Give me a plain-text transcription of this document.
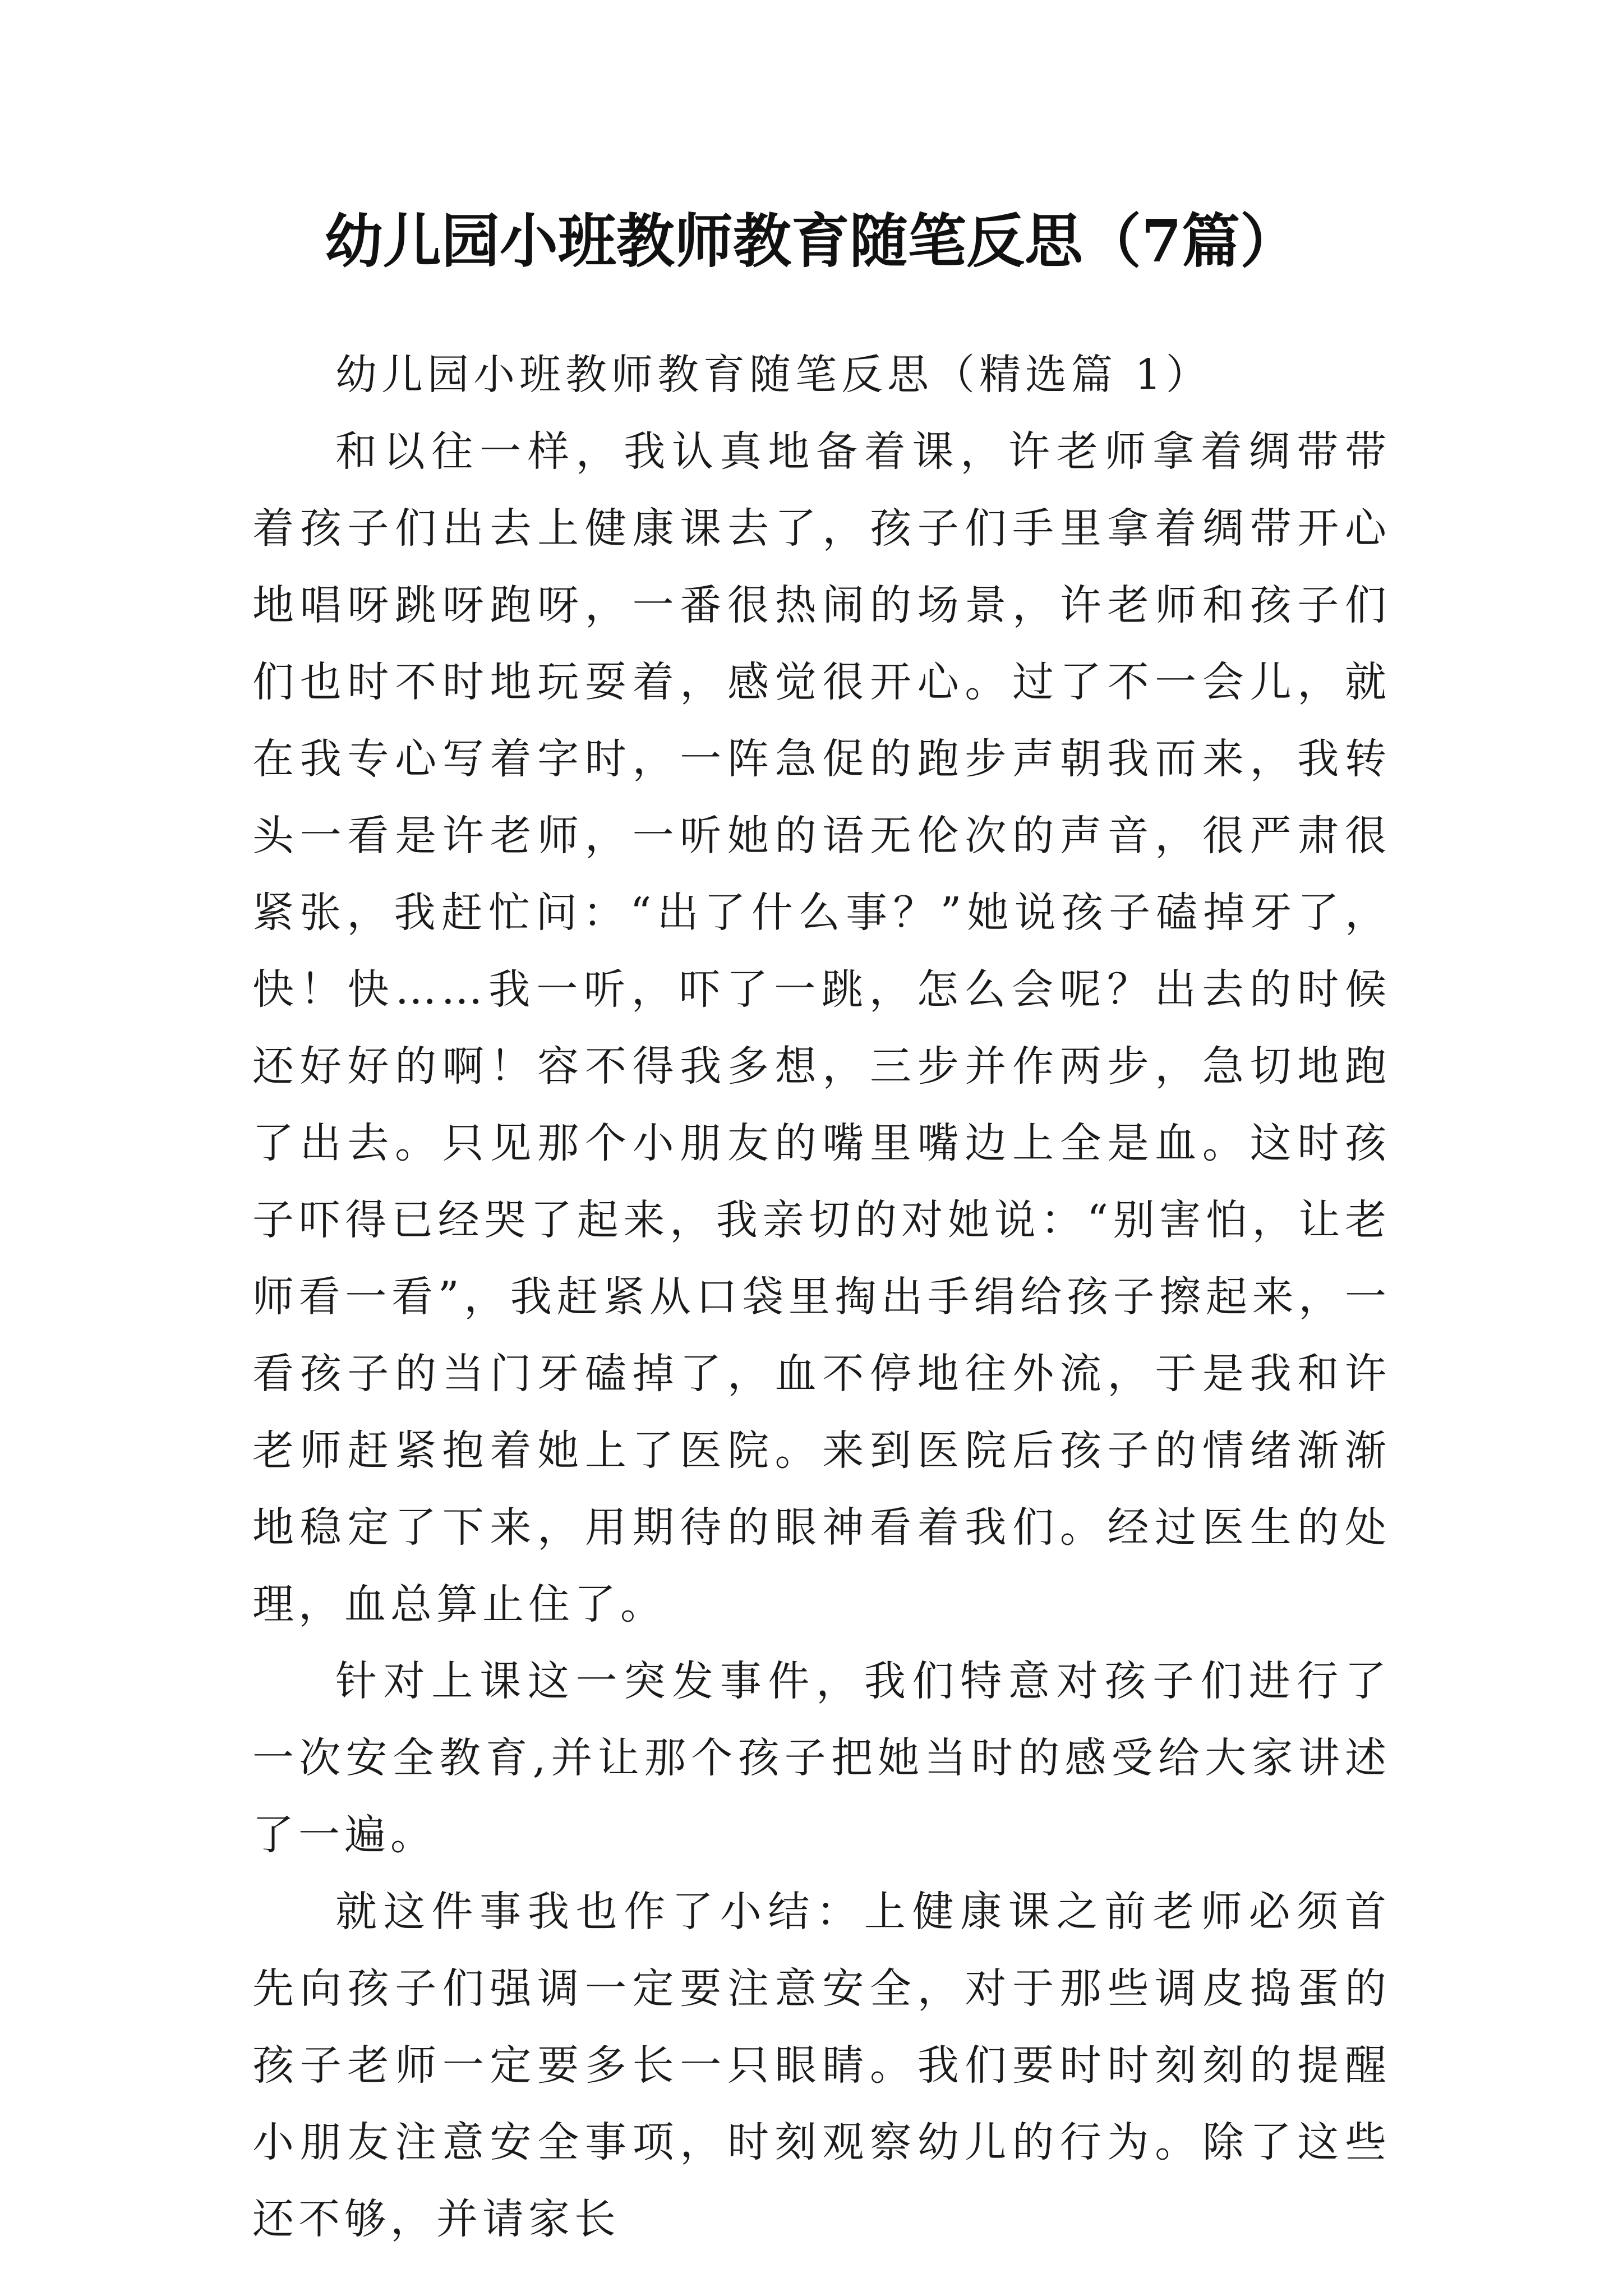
幼儿园小班教师教育随笔反思（7篇）

幼儿园小班教师教育随笔反思（精选篇 1）

和以往一样，我认真地备着课，许老师拿着绸带带着孩子们出去上健康课去了，孩子们手里拿着绸带开心地唱呀跳呀跑呀，一番很热闹的场景，许老师和孩子们们也时不时地玩耍着，感觉很开心。过了不一会儿，就在我专心写着字时，一阵急促的跑步声朝我而来，我转头一看是许老师，一听她的语无伦次的声音，很严肃很紧张，我赶忙问：“出了什么事？”她说孩子磕掉牙了，快！快……我一听，吓了一跳，怎么会呢？出去的时候还好好的啊！容不得我多想，三步并作两步，急切地跑了出去。只见那个小朋友的嘴里嘴边上全是血。这时孩子吓得已经哭了起来，我亲切的对她说：“别害怕，让老师看一看”，我赶紧从口袋里掏出手绢给孩子擦起来，一看孩子的当门牙磕掉了，血不停地往外流，于是我和许老师赶紧抱着她上了医院。来到医院后孩子的情绪渐渐地稳定了下来，用期待的眼神看着我们。经过医生的处理，血总算止住了。

针对上课这一突发事件，我们特意对孩子们进行了一次安全教育,并让那个孩子把她当时的感受给大家讲述了一遍。

就这件事我也作了小结：上健康课之前老师必须首先向孩子们强调一定要注意安全，对于那些调皮捣蛋的孩子老师一定要多长一只眼睛。我们要时时刻刻的提醒小朋友注意安全事项，时刻观察幼儿的行为。除了这些还不够，并请家长
